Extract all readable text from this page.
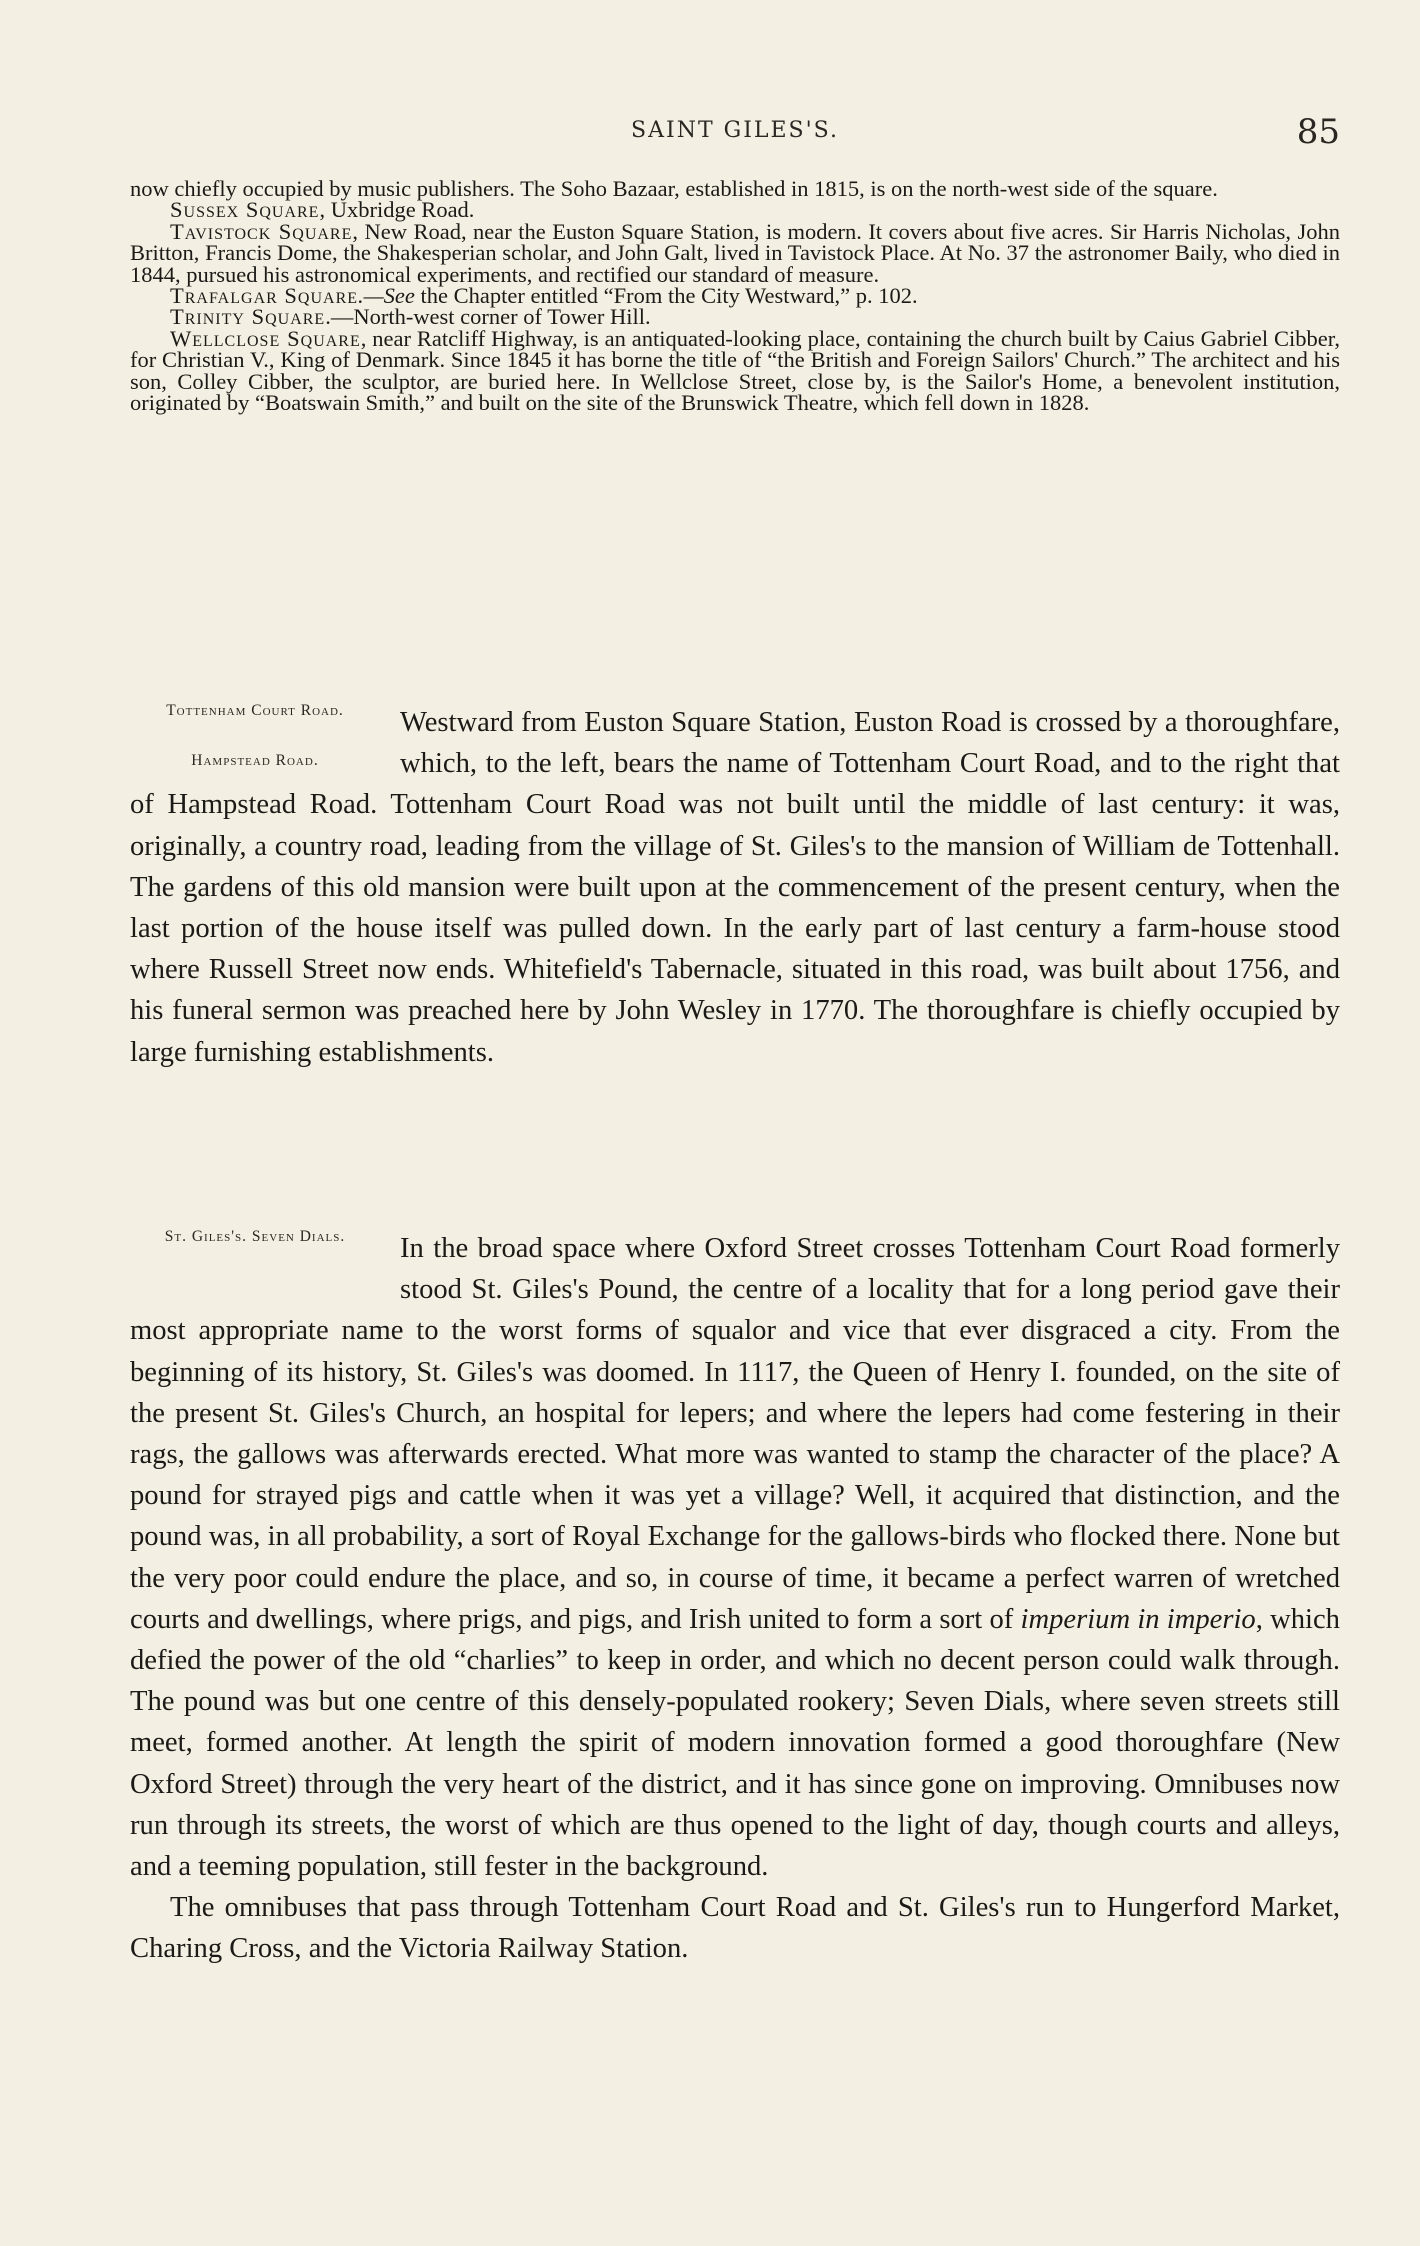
SAINT GILES'S.	85

now chiefly occupied by music publishers. The Soho Bazaar, established in 1815, is on the north-west side of the square.

Sussex Square, Uxbridge Road.

Tavistock Square, New Road, near the Euston Square Station, is modern. It covers about five acres. Sir Harris Nicholas, John Britton, Francis Dome, the Shakesperian scholar, and John Galt, lived in Tavistock Place. At No. 37 the astronomer Baily, who died in 1844, pursued his astronomical experiments, and rectified our standard of measure.

Trafalgar Square.—See the Chapter entitled “From the City Westward,” p. 102.

Trinity Square.—North-west corner of Tower Hill.

Wellclose Square, near Ratcliff Highway, is an antiquated-looking place, containing the church built by Caius Gabriel Cibber, for Christian V., King of Denmark. Since 1845 it has borne the title of “the British and Foreign Sailors' Church.” The architect and his son, Colley Cibber, the sculptor, are buried here. In Wellclose Street, close by, is the Sailor's Home, a benevolent institution, originated by “Boatswain Smith,” and built on the site of the Brunswick Theatre, which fell down in 1828.

Tottenham Court Road.
Hampstead Road.

Westward from Euston Square Station, Euston Road is crossed by a thoroughfare, which, to the left, bears the name of Tottenham Court Road, and to the right that of Hampstead Road. Tottenham Court Road was not built until the middle of last century: it was, originally, a country road, leading from the village of St. Giles's to the mansion of William de Tottenhall. The gardens of this old mansion were built upon at the commencement of the present century, when the last portion of the house itself was pulled down. In the early part of last century a farm-house stood where Russell Street now ends. Whitefield's Tabernacle, situated in this road, was built about 1756, and his funeral sermon was preached here by John Wesley in 1770. The thoroughfare is chiefly occupied by large furnishing establishments.

St. Giles's. Seven Dials.	In the broad space where Oxford Street crosses Tottenham Court Road formerly stood St. Giles's Pound, the centre of a locality that for a long period gave their most appropriate name to the worst forms of squalor and vice that ever disgraced a city. From the beginning of its history, St. Giles's was doomed. In 1117, the Queen of Henry I. founded, on the site of the present St. Giles's Church, an hospital for lepers; and where the lepers had come festering in their rags, the gallows was afterwards erected. What more was wanted to stamp the character of the place? A pound for strayed pigs and cattle when it was yet a village? Well, it acquired that distinction, and the pound was, in all probability, a sort of Royal Exchange for the gallows-birds who flocked there. None but the very poor could endure the place, and so, in course of time, it became a perfect warren of wretched courts and dwellings, where prigs, and pigs, and Irish united to form a sort of imperium in imperio, which defied the power of the old “charlies” to keep in order, and which no decent person could walk through. The pound was but one centre of this densely-populated rookery; Seven Dials, where seven streets still meet, formed another. At length the spirit of modern innovation formed a good thoroughfare (New Oxford Street) through the very heart of the district, and it has since gone on improving. Omnibuses now run through its streets, the worst of which are thus opened to the light of day, though courts and alleys, and a teeming population, still fester in the background.

The omnibuses that pass through Tottenham Court Road and St. Giles's run to Hungerford Market, Charing Cross, and the Victoria Railway Station.
